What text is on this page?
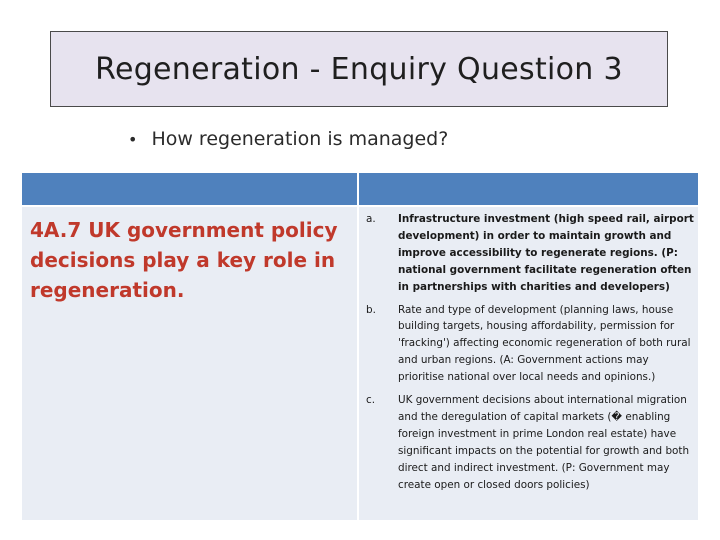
Regeneration - Enquiry Question 3
• How regeneration is managed?
4A.7 UK government policy decisions play a key role in regeneration.
a.	Infrastructure investment (high speed rail, airport development) in order to maintain growth and improve accessibility to regenerate regions. (P: national government facilitate regeneration often in partnerships with charities and developers)
b.	Rate and type of development (planning laws, house building targets, housing affordability, permission for 'fracking') affecting economic regeneration of both rural and urban regions. (A: Government actions may prioritise national over local needs and opinions.)
c.	UK government decisions about international migration and the deregulation of capital markets (� enabling foreign investment in prime London real estate) have significant impacts on the potential for growth and both direct and indirect investment. (P: Government may create open or closed doors policies)
